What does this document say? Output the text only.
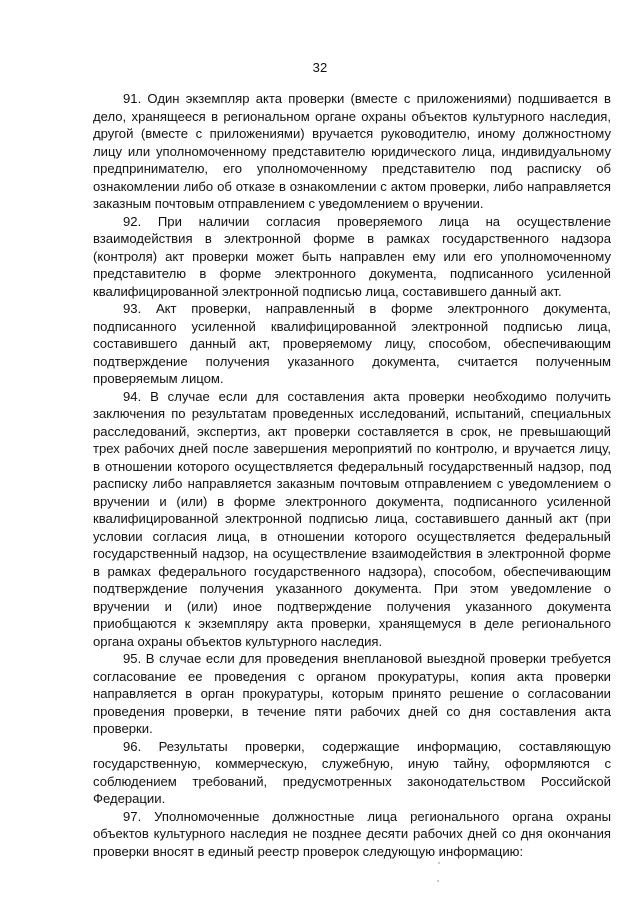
32

91. Один экземпляр акта проверки (вместе с приложениями) подшивается в дело, хранящееся в региональном органе охраны объектов культурного наследия, другой (вместе с приложениями) вручается руководителю, иному должностному лицу или уполномоченному представителю юридического лица, индивидуальному предпринимателю, его уполномоченному представителю под расписку об ознакомлении либо об отказе в ознакомлении с актом проверки, либо направляется заказным почтовым отправлением с уведомлением о вручении.

92. При наличии согласия проверяемого лица на осуществление взаимодействия в электронной форме в рамках государственного надзора (контроля) акт проверки может быть направлен ему или его уполномоченному представителю в форме электронного документа, подписанного усиленной квалифицированной электронной подписью лица, составившего данный акт.

93. Акт проверки, направленный в форме электронного документа, подписанного усиленной квалифицированной электронной подписью лица, составившего данный акт, проверяемому лицу, способом, обеспечивающим подтверждение получения указанного документа, считается полученным проверяемым лицом.

94. В случае если для составления акта проверки необходимо получить заключения по результатам проведенных исследований, испытаний, специальных расследований, экспертиз, акт проверки составляется в срок, не превышающий трех рабочих дней после завершения мероприятий по контролю, и вручается лицу, в отношении которого осуществляется федеральный государственный надзор, под расписку либо направляется заказным почтовым отправлением с уведомлением о вручении и (или) в форме электронного документа, подписанного усиленной квалифицированной электронной подписью лица, составившего данный акт (при условии согласия лица, в отношении которого осуществляется федеральный государственный надзор, на осуществление взаимодействия в электронной форме в рамках федерального государственного надзора), способом, обеспечивающим подтверждение получения указанного документа. При этом уведомление о вручении и (или) иное подтверждение получения указанного документа приобщаются к экземпляру акта проверки, хранящемуся в деле регионального органа охраны объектов культурного наследия.

95. В случае если для проведения внеплановой выездной проверки требуется согласование ее проведения с органом прокуратуры, копия акта проверки направляется в орган прокуратуры, которым принято решение о согласовании проведения проверки, в течение пяти рабочих дней со дня составления акта проверки.

96. Результаты проверки, содержащие информацию, составляющую государственную, коммерческую, служебную, иную тайну, оформляются с соблюдением требований, предусмотренных законодательством Российской Федерации.

97. Уполномоченные должностные лица регионального органа охраны объектов культурного наследия не позднее десяти рабочих дней со дня окончания проверки вносят в единый реестр проверок следующую информацию:
